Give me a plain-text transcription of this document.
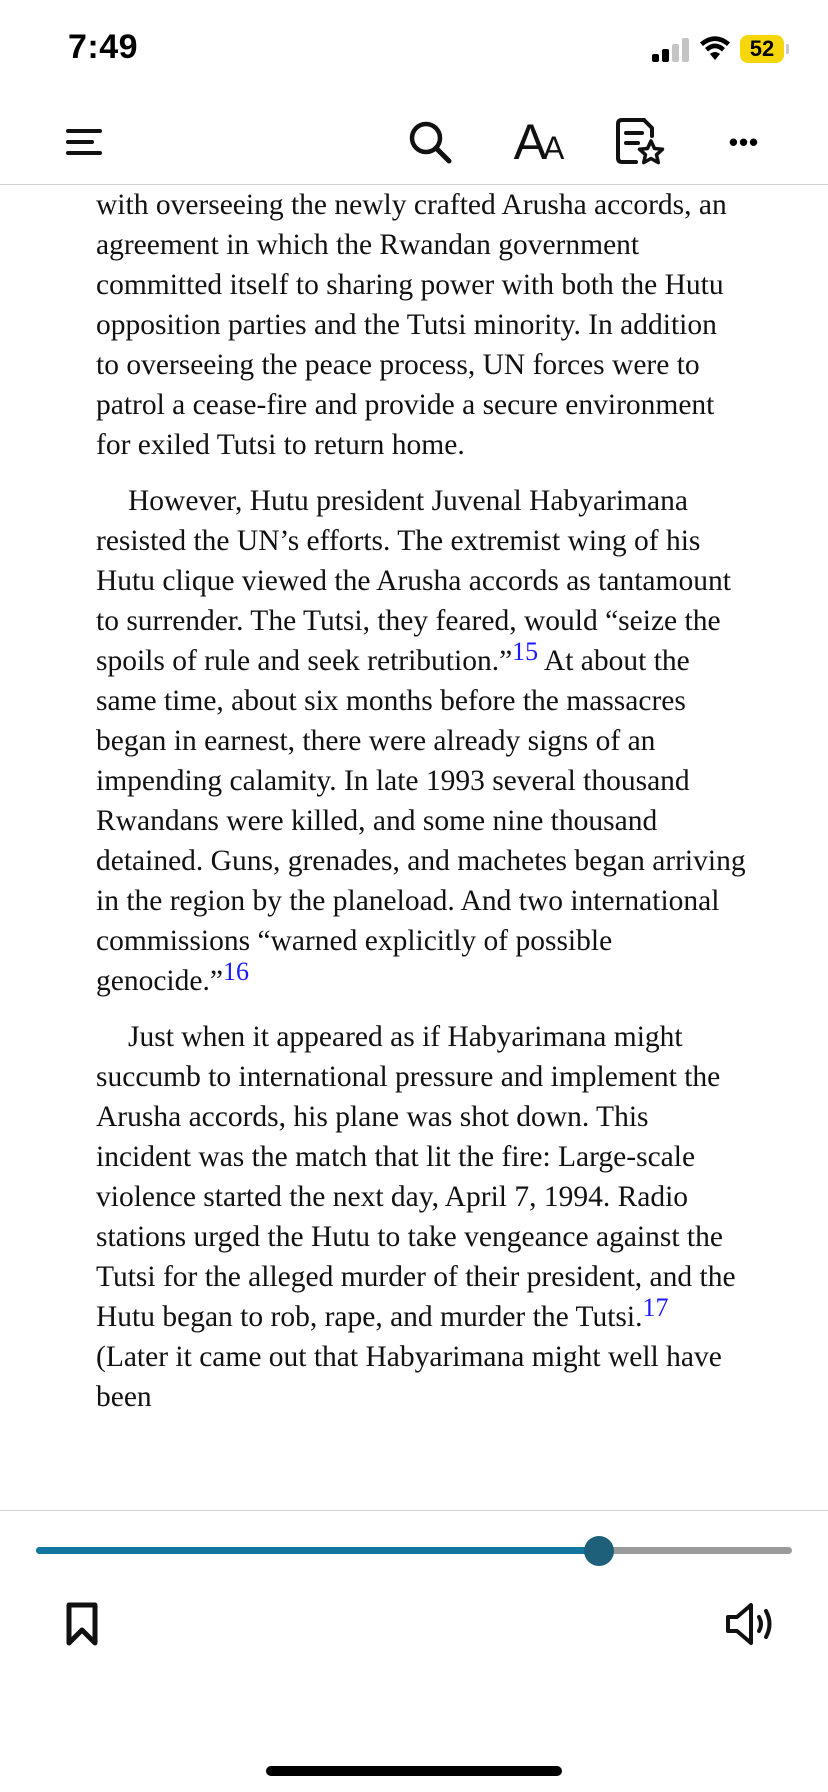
7:49	52
A
A	•••

with overseeing the newly crafted Arusha accords, an agreement in which the Rwandan government committed itself to sharing power with both the Hutu opposition parties and the Tutsi minority. In addition to overseeing the peace process, UN forces were to patrol a cease-fire and provide a secure environment for exiled Tutsi to return home.

However, Hutu president Juvenal Habyarimana resisted the UN’s efforts. The extremist wing of his Hutu clique viewed the Arusha accords as tantamount to surrender. The Tutsi, they feared, would “seize the spoils of rule and seek retribution.”$^{15}$ At about the same time, about six months before the massacres began in earnest, there were already signs of an impending calamity. In late 1993 several thousand Rwandans were killed, and some nine thousand detained. Guns, grenades, and machetes began arriving in the region by the planeload. And two international commissions “warned explicitly of possible genocide.”$^{16}$

Just when it appeared as if Habyarimana might succumb to international pressure and implement the Arusha accords, his plane was shot down. This incident was the match that lit the fire: Large-scale violence started the next day, April 7, 1994. Radio stations urged the Hutu to take vengeance against the Tutsi for the alleged murder of their president, and the Hutu began to rob, rape, and murder the Tutsi.$^{17}$ (Later it came out that Habyarimana might well have been
